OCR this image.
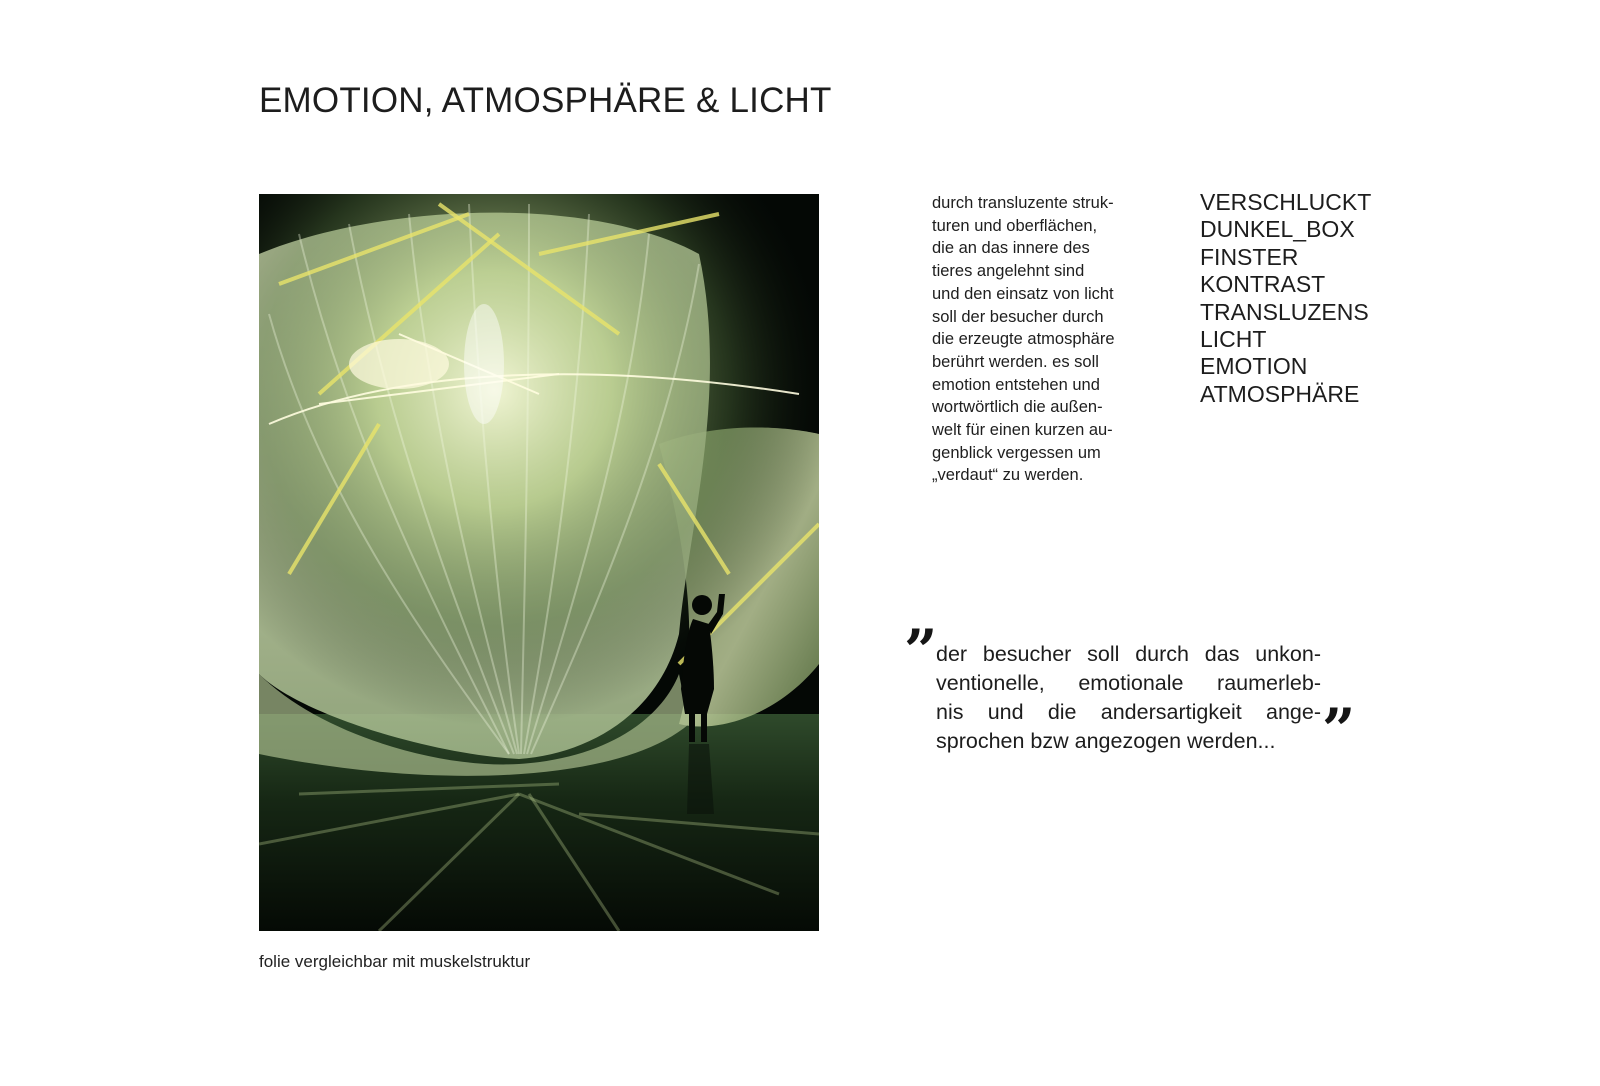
EMOTION, ATMOSPHÄRE & LICHT
folie vergleichbar mit muskelstruktur
durch transluzente struk-
turen und oberflächen,
die an das innere des
tieres angelehnt sind
und den einsatz von licht
soll der besucher durch
die erzeugte atmosphäre
berührt werden. es soll
emotion entstehen und
wortwörtlich die außen-
welt für einen kurzen au-
genblick vergessen um
„verdaut“ zu werden.
VERSCHLUCKT
DUNKEL_BOX
FINSTER
KONTRAST
TRANSLUZENS
LICHT
EMOTION
ATMOSPHÄRE
” der besucher soll durch das unkon-
ventionelle, emotionale raumerleb-
nis und die andersartigkeit ange-
sprochen bzw angezogen werden... ”
